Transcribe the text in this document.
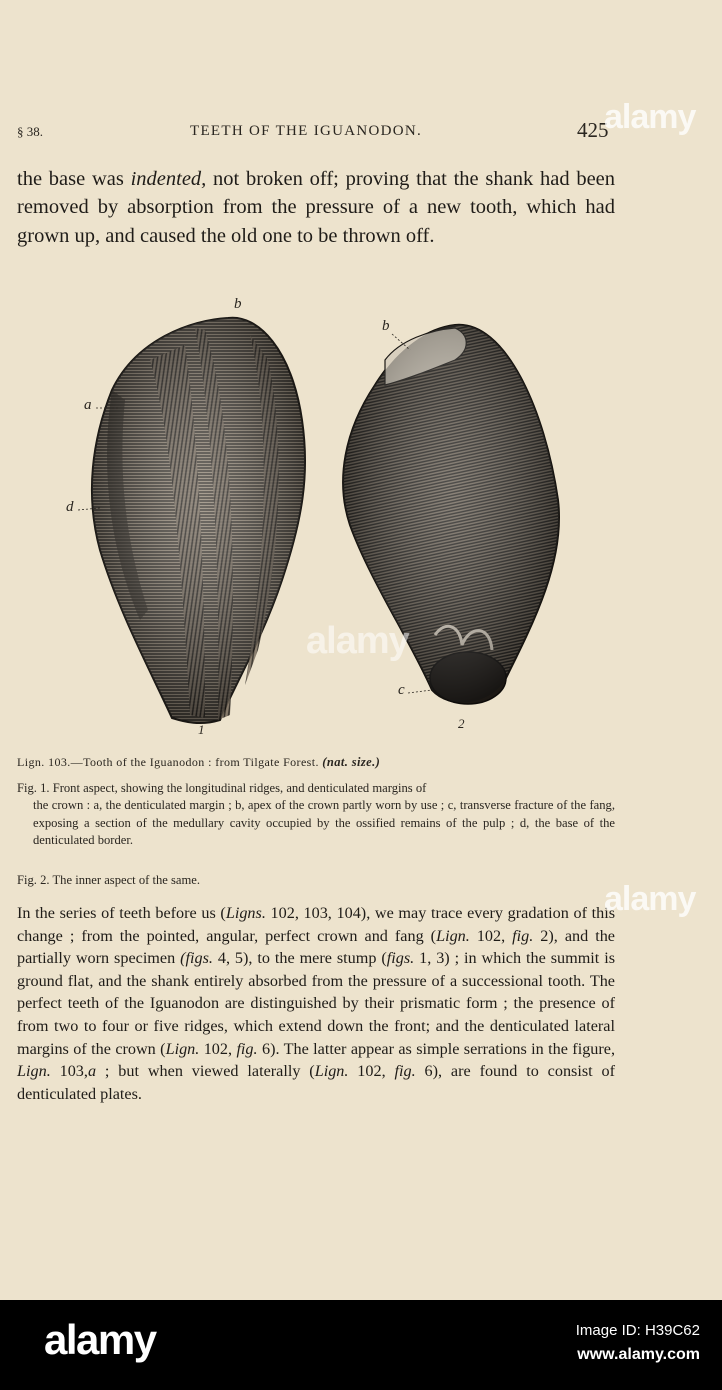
§ 38.	TEETH OF THE IGUANODON.	425

the base was indented, not broken off; proving that the shank had been removed by absorption from the pressure of a new tooth, which had grown up, and caused the old one to be thrown off.

b
a
d
b
c
1	2

Lign. 103.—Tooth of the Iguanodon : from Tilgate Forest. (nat. size.)

Fig. 1. Front aspect, showing the longitudinal ridges, and denticulated margins of
the crown : a, the denticulated margin ; b, apex of the crown partly worn by use ; c, transverse fracture of the fang, exposing a section of the medullary cavity occupied by the ossified remains of the pulp ; d, the base of the denticulated border.

Fig. 2. The inner aspect of the same.

In the series of teeth before us (Ligns. 102, 103, 104), we may trace every gradation of this change ; from the pointed, angular, perfect crown and fang (Lign. 102, fig. 2), and the partially worn specimen (figs. 4, 5), to the mere stump (figs. 1, 3) ; in which the summit is ground flat, and the shank entirely absorbed from the pressure of a successional tooth. The perfect teeth of the Iguanodon are distinguished by their prismatic form ; the presence of from two to four or five ridges, which extend down the front; and the denticulated lateral margins of the crown (Lign. 102, fig. 6). The latter appear as simple serrations in the figure, Lign. 103,a ; but when viewed laterally (Lign. 102, fig. 6), are found to consist of denticulated plates.

alamy
alamy
alamy
alamy	Image ID: H39C62
www.alamy.com
